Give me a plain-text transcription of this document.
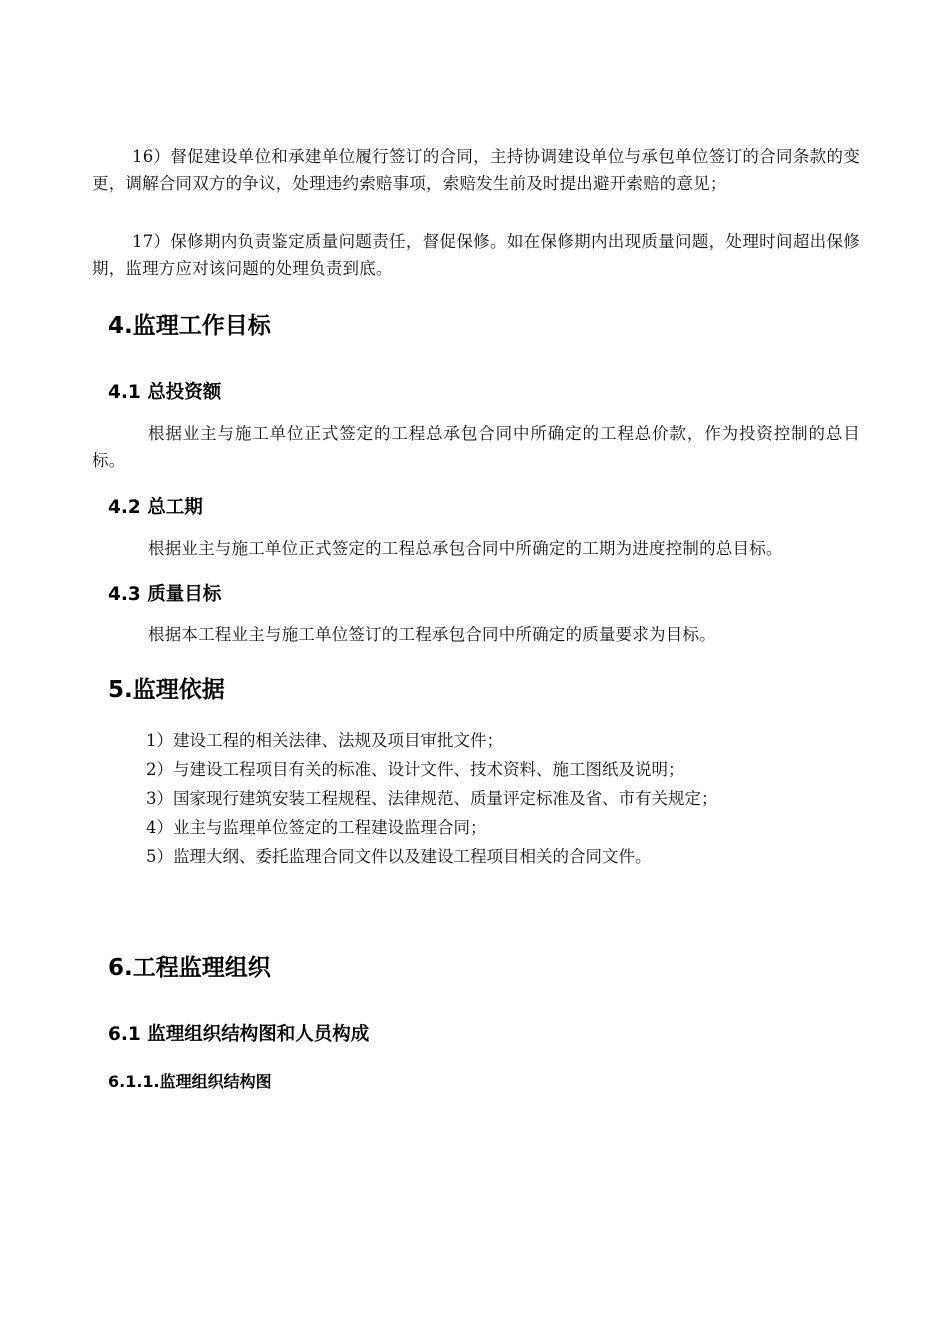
16）督促建设单位和承建单位履行签订的合同，主持协调建设单位与承包单位签订的合同条款的变更，调解合同双方的争议，处理违约索赔事项，索赔发生前及时提出避开索赔的意见；

17）保修期内负责鉴定质量问题责任，督促保修。如在保修期内出现质量问题，处理时间超出保修期，监理方应对该问题的处理负责到底。

4.监理工作目标
4.1 总投资额

根据业主与施工单位正式签定的工程总承包合同中所确定的工程总价款，作为投资控制的总目标。

4.2 总工期

根据业主与施工单位正式签定的工程总承包合同中所确定的工期为进度控制的总目标。

4.3 质量目标

根据本工程业主与施工单位签订的工程承包合同中所确定的质量要求为目标。

5.监理依据
1）建设工程的相关法律、法规及项目审批文件；
2）与建设工程项目有关的标准、设计文件、技术资料、施工图纸及说明；
3）国家现行建筑安装工程规程、法律规范、质量评定标准及省、市有关规定；
4）业主与监理单位签定的工程建设监理合同；
5）监理大纲、委托监理合同文件以及建设工程项目相关的合同文件。
6.工程监理组织
6.1 监理组织结构图和人员构成
6.1.1.监理组织结构图
